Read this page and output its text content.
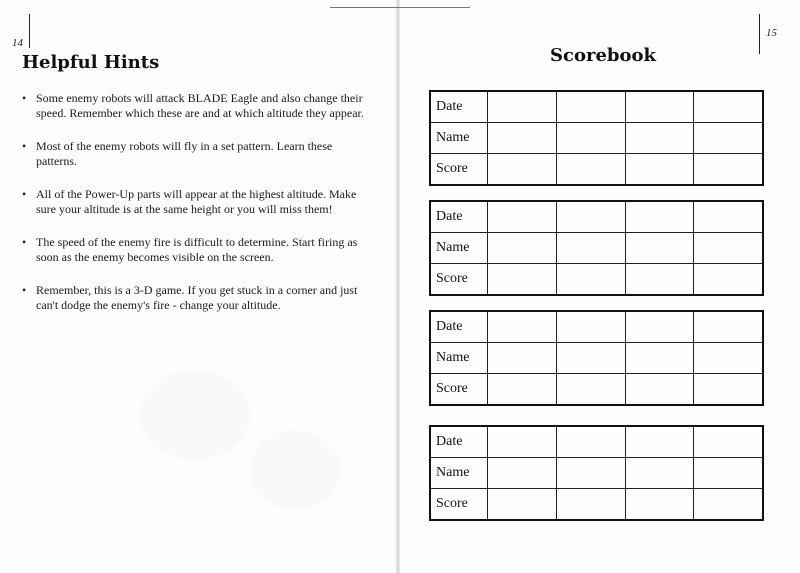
14
15
Helpful Hints
• Some enemy robots will attack BLADE Eagle and also change their speed. Remember which these are and at which altitude they appear.
• Most of the enemy robots will fly in a set pattern. Learn these patterns.
• All of the Power-Up parts will appear at the highest altitude. Make sure your altitude is at the same height or you will miss them!
• The speed of the enemy fire is difficult to determine. Start firing as soon as the enemy becomes visible on the screen.
• Remember, this is a 3-D game. If you get stuck in a corner and just can't dodge the enemy's fire - change your altitude.
Scorebook
Date				
Name				
Score				
Date				
Name				
Score				
Date				
Name				
Score				
Date				
Name				
Score				
